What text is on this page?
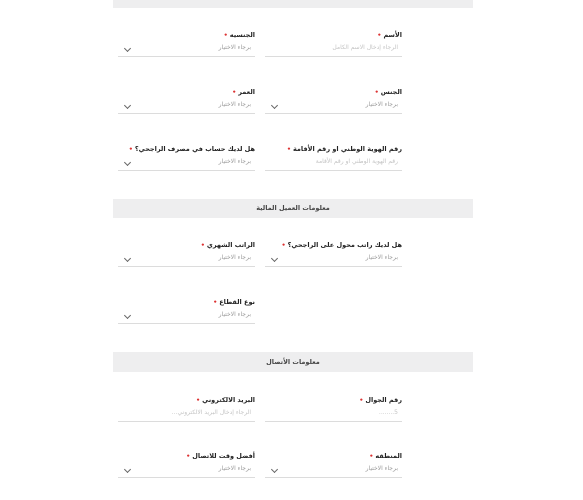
الأسم•
الرجاء إدخال الاسم الكامل
الجنسيه•
برجاء الاختيار
الجنس•
برجاء الاختيار
العمر•
برجاء الاختيار
رقم الهوية الوطني او رقم الأقامة•
رقم الهوية الوطني او رقم الأقامة
هل لديك حساب في مصرف الراجحي؟•
برجاء الاختيار
معلومات العميل المالية
هل لديك راتب محول على الراجحي؟•
برجاء الاختيار
الراتب الشهري•
برجاء الاختيار
نوع القطاع•
برجاء الاختيار
معلومات الأتصال
رقم الجوال•
5........
البريد الالكتروني•
الرجاء إدخال البريد الالكتروني...
المنطقه•
برجاء الاختيار
أفضل وقت للاتصال•
برجاء الاختيار
